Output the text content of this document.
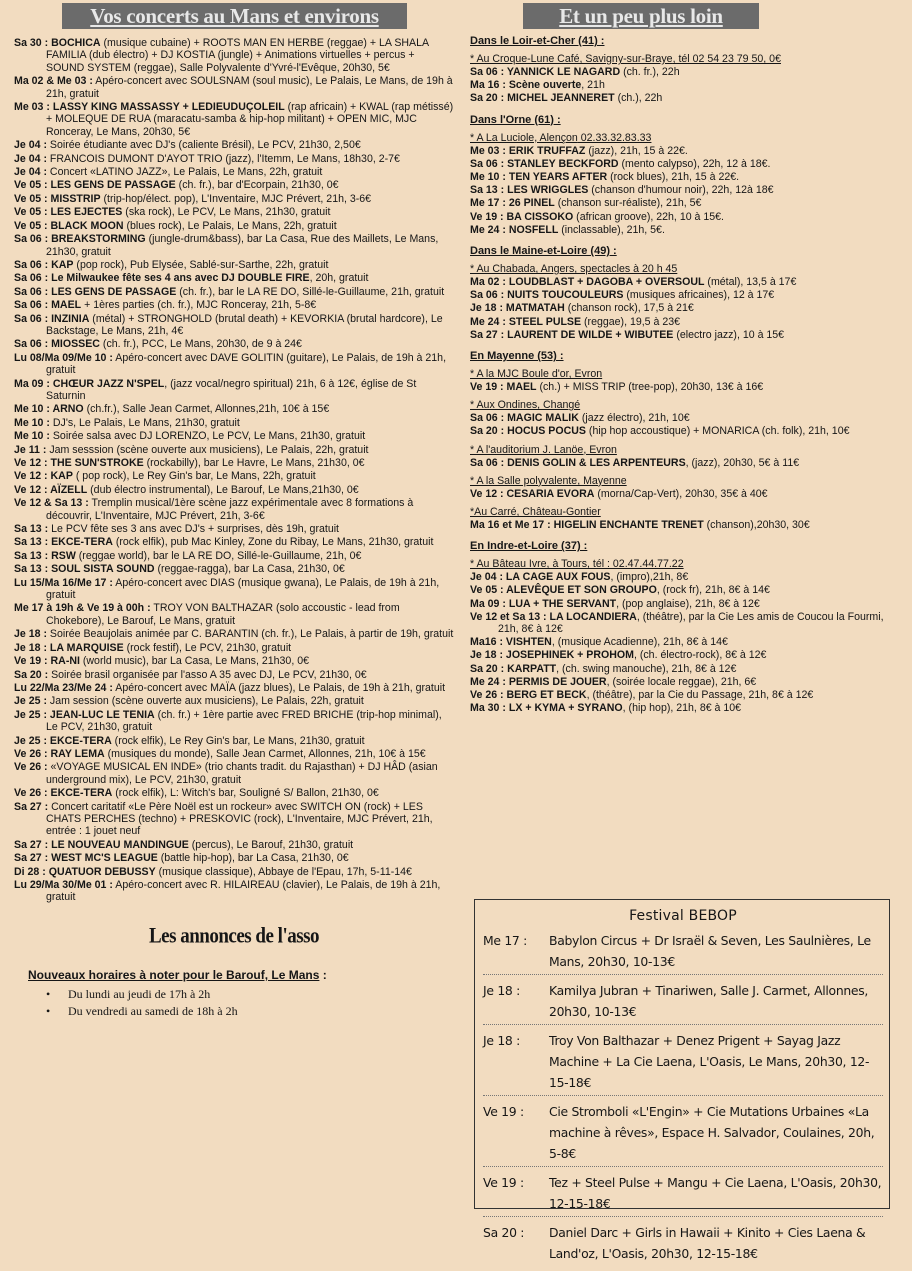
Vos concerts au Mans et environs
Sa 30 : BOCHICA (musique cubaine) + ROOTS MAN EN HERBE (reggae) + LA SHALA FAMILIA (dub électro) + DJ KOSTIA (jungle) + Animations virtuelles + percus + SOUND SYSTEM (reggae), Salle Polyvalente d'Yvré-l'Evêque, 20h30, 5€
Ma 02 & Me 03 : Apéro-concert avec SOULSNAM (soul music), Le Palais, Le Mans, de 19h à 21h, gratuit
Me 03 : LASSY KING MASSASSY + LEDIEUDUÇOLEIL (rap africain) + KWAL (rap métissé) + MOLEQUE DE RUA (maracatu-samba & hip-hop militant) + OPEN MIC, MJC Ronceray, Le Mans, 20h30, 5€
Je 04 : Soirée étudiante avec DJ's (caliente Brésil), Le PCV, 21h30, 2,50€
Je 04 : FRANCOIS DUMONT D'AYOT TRIO (jazz), l'Itemm, Le Mans, 18h30, 2-7€
Je 04 : Concert «LATINO JAZZ», Le Palais, Le Mans, 22h, gratuit
Ve 05 : LES GENS DE PASSAGE (ch. fr.), bar d'Ecorpain, 21h30, 0€
Ve 05 : MISSTRIP (trip-hop/élect. pop), L'Inventaire, MJC Prévert, 21h, 3-6€
Ve 05 : LES EJECTES (ska rock), Le PCV, Le Mans, 21h30, gratuit
Ve 05 : BLACK MOON (blues rock), Le Palais, Le Mans, 22h, gratuit
Sa 06 : BREAKSTORMING (jungle-drum&bass), bar La Casa, Rue des Maillets, Le Mans, 21h30, gratuit
Sa 06 : KAP (pop rock), Pub Elysée, Sablé-sur-Sarthe, 22h, gratuit
Sa 06 : Le Milwaukee fête ses 4 ans avec DJ DOUBLE FIRE, 20h, gratuit
Sa 06 : LES GENS DE PASSAGE (ch. fr.), bar le LA RE DO, Sillé-le-Guillaume, 21h, gratuit
Sa 06 : MAEL + 1ères parties (ch. fr.), MJC Ronceray, 21h, 5-8€
Sa 06 : INZINIA (métal) + STRONGHOLD (brutal death) + KEVORKIA (brutal hardcore), Le Backstage, Le Mans, 21h, 4€
Sa 06 : MIOSSEC (ch. fr.), PCC, Le Mans, 20h30, de 9 à 24€
Lu 08/Ma 09/Me 10 : Apéro-concert avec DAVE GOLITIN (guitare), Le Palais, de 19h à 21h, gratuit
Ma 09 : CHŒUR JAZZ N'SPEL, (jazz vocal/negro spiritual) 21h, 6 à 12€, église de St Saturnin
Me 10 : ARNO (ch.fr.), Salle Jean Carmet, Allonnes,21h, 10€ à 15€
Me 10 : DJ's, Le Palais, Le Mans, 21h30, gratuit
Me 10 : Soirée salsa avec DJ LORENZO, Le PCV, Le Mans, 21h30, gratuit
Je 11 : Jam sesssion (scène ouverte aux musiciens), Le Palais, 22h, gratuit
Ve 12 : THE SUN'STROKE (rockabilly), bar Le Havre, Le Mans, 21h30, 0€
Ve 12 : KAP ( pop rock), Le Rey Gin's bar, Le Mans, 22h, gratuit
Ve 12 : AÏZELL (dub électro instrumental), Le Barouf, Le Mans,21h30, 0€
Ve 12 & Sa 13 : Tremplin musical/1ère scène jazz expérimentale avec 8 formations à découvrir, L'Inventaire, MJC Prévert, 21h, 3-6€
Sa 13 : Le PCV fête ses 3 ans avec DJ's + surprises, dès 19h, gratuit
Sa 13 : EKCE-TERA (rock elfik), pub Mac Kinley, Zone du Ribay, Le Mans, 21h30, gratuit
Sa 13 : RSW (reggae world), bar le LA RE DO, Sillé-le-Guillaume, 21h, 0€
Sa 13 : SOUL SISTA SOUND (reggae-ragga), bar La Casa, 21h30, 0€
Lu 15/Ma 16/Me 17 : Apéro-concert avec DIAS (musique gwana), Le Palais, de 19h à 21h, gratuit
Me 17 à 19h & Ve 19 à 00h : TROY VON BALTHAZAR (solo accoustic - lead from Chokebore), Le Barouf, Le Mans, gratuit
Je 18 : Soirée Beaujolais animée par C. BARANTIN (ch. fr.), Le Palais, à partir de 19h, gratuit
Je 18 : LA MARQUISE (rock festif), Le PCV, 21h30, gratuit
Ve 19 : RA-NI (world music), bar La Casa, Le Mans, 21h30, 0€
Sa 20 : Soirée brasil organisée par l'asso A 35 avec DJ, Le PCV, 21h30, 0€
Lu 22/Ma 23/Me 24 : Apéro-concert avec MAÏA (jazz blues), Le Palais, de 19h à 21h, gratuit
Je 25 : Jam session (scène ouverte aux musiciens), Le Palais, 22h, gratuit
Je 25 : JEAN-LUC LE TENIA (ch. fr.) + 1ère partie avec FRED BRICHE (trip-hop minimal), Le PCV, 21h30, gratuit
Je 25 : EKCE-TERA (rock elfik), Le Rey Gin's bar, Le Mans, 21h30, gratuit
Ve 26 : RAY LEMA (musiques du monde), Salle Jean Carmet, Allonnes, 21h, 10€ à 15€
Ve 26 : «VOYAGE MUSICAL EN INDE» (trio chants tradit. du Rajasthan) + DJ HÂD (asian underground mix), Le PCV, 21h30, gratuit
Ve 26 : EKCE-TERA (rock elfik), L: Witch's bar, Souligné S/ Ballon, 21h30, 0€
Sa 27 : Concert caritatif «Le Père Noël est un rockeur» avec SWITCH ON (rock) + LES CHATS PERCHES (techno) + PRESKOVIC (rock), L'Inventaire, MJC Prévert, 21h, entrée : 1 jouet neuf
Sa 27 : LE NOUVEAU MANDINGUE (percus), Le Barouf, 21h30, gratuit
Sa 27 : WEST MC'S LEAGUE (battle hip-hop), bar La Casa, 21h30, 0€
Di 28 : QUATUOR DEBUSSY (musique classique), Abbaye de l'Epau, 17h, 5-11-14€
Lu 29/Ma 30/Me 01 : Apéro-concert avec R. HILAIREAU (clavier), Le Palais, de 19h à 21h, gratuit
Les annonces de l'asso
Nouveaux horaires à noter pour le Barouf, Le Mans :
• Du lundi au jeudi de 17h à 2h
• Du vendredi au samedi de 18h à 2h
Et un peu plus loin
Dans le Loir-et-Cher (41) :
* Au Croque-Lune Café, Savigny-sur-Braye, tél 02 54 23 79 50, 0€
Sa 06 : YANNICK LE NAGARD (ch. fr.), 22h
Ma 16 : Scène ouverte, 21h
Sa 20 : MICHEL JEANNERET (ch.), 22h
Dans l'Orne (61) :
* A La Luciole, Alençon 02.33.32.83.33
Me 03 : ERIK TRUFFAZ (jazz), 21h, 15 à 22€.
Sa 06 : STANLEY BECKFORD (mento calypso), 22h, 12 à 18€.
Me 10 : TEN YEARS AFTER (rock blues), 21h, 15 à 22€.
Sa 13 : LES WRIGGLES (chanson d'humour noir), 22h, 12à 18€
Me 17 : 26 PINEL (chanson sur-réaliste), 21h, 5€
Ve 19 : BA CISSOKO (african groove), 22h, 10 à 15€.
Me 24 : NOSFELL (inclassable), 21h, 5€.
Dans le Maine-et-Loire (49) :
* Au Chabada, Angers, spectacles à 20 h 45
Ma 02 : LOUDBLAST + DAGOBA + OVERSOUL (métal), 13,5 à 17€
Sa 06 : NUITS TOUCOULEURS (musiques africaines), 12 à 17€
Je 18 : MATMATAH (chanson rock), 17,5 à 21€
Me 24 : STEEL PULSE (reggae), 19,5 à 23€
Sa 27 : LAURENT DE WILDE + WIBUTEE (electro jazz), 10 à 15€
En Mayenne (53) :
* A la MJC Boule d'or, Evron
Ve 19 : MAEL (ch.) + MISS TRIP (tree-pop), 20h30, 13€ à 16€
* Aux Ondines, Changé
Sa 06 : MAGIC MALIK (jazz électro), 21h, 10€
Sa 20 : HOCUS POCUS (hip hop accoustique) + MONARICA (ch. folk), 21h, 10€
* A l'auditorium J. Lanöe, Evron
Sa 06 : DENIS GOLIN & LES ARPENTEURS, (jazz), 20h30, 5€ à 11€
* A la Salle polyvalente, Mayenne
Ve 12 : CESARIA EVORA (morna/Cap-Vert), 20h30, 35€ à 40€
*Au Carré, Château-Gontier
Ma 16 et Me 17 : HIGELIN ENCHANTE TRENET (chanson),20h30, 30€
En Indre-et-Loire (37) :
* Au Bâteau Ivre, à Tours, tél : 02.47.44.77.22
Je 04 : LA CAGE AUX FOUS, (impro),21h, 8€
Ve 05 : ALEVÊQUE ET SON GROUPO, (rock fr), 21h, 8€ à 14€
Ma 09 : LUA + THE SERVANT, (pop anglaise), 21h, 8€ à 12€
Ve 12 et Sa 13 : LA LOCANDIERA, (théâtre), par la Cie Les amis de Coucou la Fourmi, 21h, 8€ à 12€
Ma16 : VISHTEN, (musique Acadienne), 21h, 8€ à 14€
Je 18 : JOSEPHINEK + PROHOM, (ch. électro-rock), 8€ à 12€
Sa 20 : KARPATT, (ch. swing manouche), 21h, 8€ à 12€
Me 24 : PERMIS DE JOUER, (soirée locale reggae), 21h, 6€
Ve 26 : BERG ET BECK, (théâtre), par la Cie du Passage, 21h, 8€ à 12€
Ma 30 : LX + KYMA + SYRANO, (hip hop), 21h, 8€ à 10€
Festival BEBOP
Me 17 :	Babylon Circus + Dr Israël & Seven, Les Saulnières, Le Mans, 20h30, 10-13€
Je 18 :	Kamilya Jubran + Tinariwen, Salle J. Carmet, Allonnes, 20h30, 10-13€
Je 18 :	Troy Von Balthazar + Denez Prigent + Sayag Jazz Machine + La Cie Laena, L'Oasis, Le Mans, 20h30, 12-15-18€
Ve 19 :	Cie Stromboli «L'Engin» + Cie Mutations Urbaines «La machine à rêves», Espace H. Salvador, Coulaines, 20h, 5-8€
Ve 19 :	Tez + Steel Pulse + Mangu + Cie Laena, L'Oasis, 20h30, 12-15-18€
Sa 20 :	Daniel Darc + Girls in Hawaii + Kinito + Cies Laena & Land'oz, L'Oasis, 20h30, 12-15-18€
